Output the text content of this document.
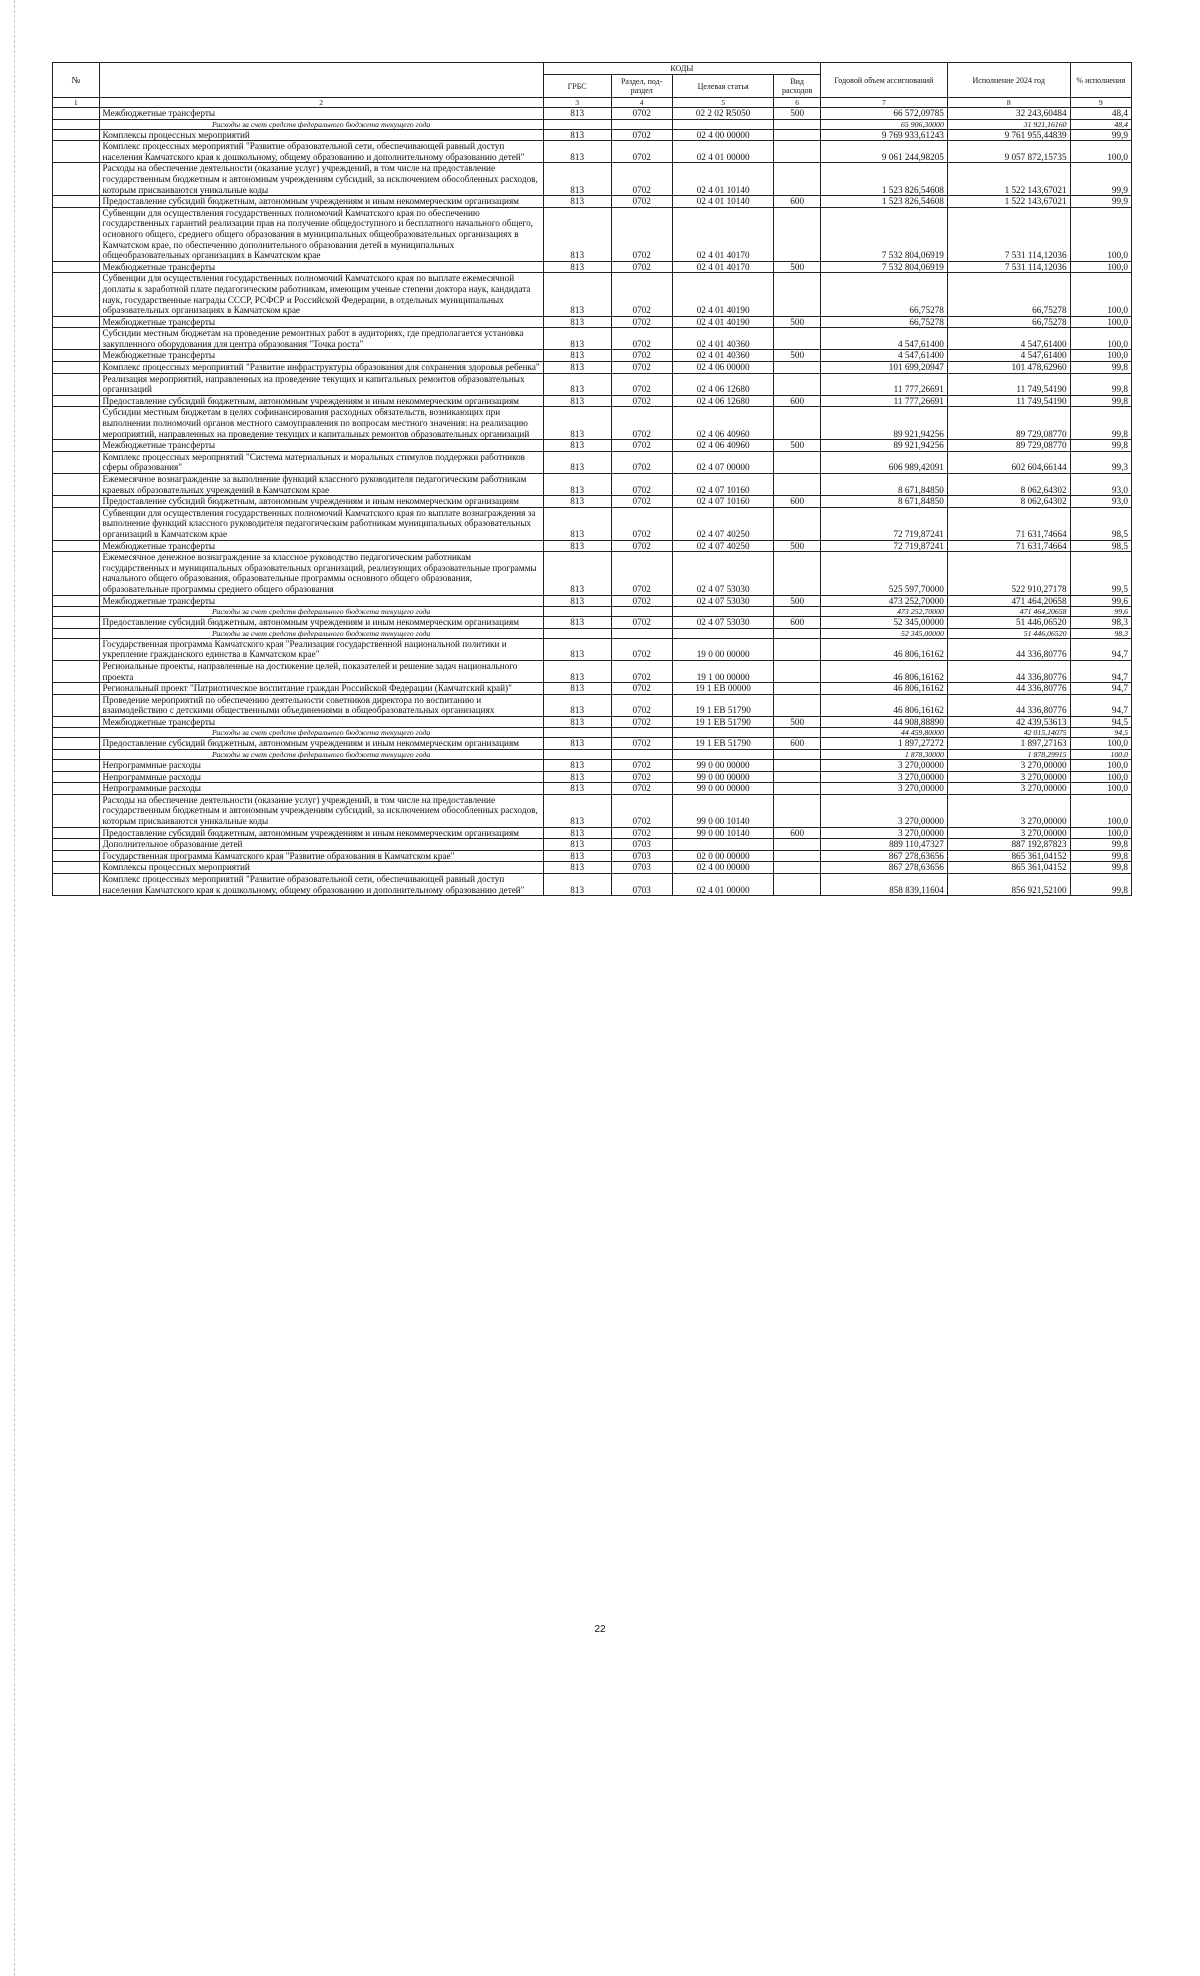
№		КОДЫ				Годовой объем ассигнований	Исполнение 2024 год	% исполнения
		ГРБС	Раздел, под-раздел	Целевая статья	Вид расходов			
1	2	3	4	5	6	7	8	9
	Межбюджетные трансферты	813	0702	02 2 02 R5050	500	66 572,09785	32 243,60484	48,4
	Расходы за счет средств федерального бюджета текущего года					65 906,30000	31 921,16160	48,4
	Комплексы процессных мероприятий	813	0702	02 4 00 00000		9 769 933,61243	9 761 955,44839	99,9
	Комплекс процессных мероприятий "Развитие образовательной сети, обеспечивающей равный доступ населения Камчатского края к дошкольному, общему образованию и дополнительному образованию детей"	813	0702	02 4 01 00000		9 061 244,98205	9 057 872,15735	100,0
	Расходы на обеспечение деятельности (оказание услуг) учреждений, в том числе на предоставление государственным бюджетным и автономным учреждениям субсидий, за исключением обособленных расходов, которым присваиваются уникальные коды	813	0702	02 4 01 10140		1 523 826,54608	1 522 143,67021	99,9
	Предоставление субсидий бюджетным, автономным учреждениям и иным некоммерческим организациям	813	0702	02 4 01 10140	600	1 523 826,54608	1 522 143,67021	99,9
	Субвенции для осуществления государственных полномочий Камчатского края по обеспечению государственных гарантий реализации прав на получение общедоступного и бесплатного начального общего, основного общего, среднего общего образования в муниципальных общеобразовательных организациях в Камчатском крае, по обеспечению дополнительного образования детей в муниципальных общеобразовательных организациях в Камчатском крае	813	0702	02 4 01 40170		7 532 804,06919	7 531 114,12036	100,0
	Межбюджетные трансферты	813	0702	02 4 01 40170	500	7 532 804,06919	7 531 114,12036	100,0
	Субвенции для осуществления государственных полномочий Камчатского края по выплате ежемесячной доплаты к заработной плате педагогическим работникам, имеющим ученые степени доктора наук, кандидата наук, государственные награды СССР, РСФСР и Российской Федерации, в отдельных муниципальных образовательных организациях в Камчатском крае	813	0702	02 4 01 40190		66,75278	66,75278	100,0
	Межбюджетные трансферты	813	0702	02 4 01 40190	500	66,75278	66,75278	100,0
	Субсидии местным бюджетам на проведение ремонтных работ в аудиториях, где предполагается установка закупленного оборудования для центра образования "Точка роста"	813	0702	02 4 01 40360		4 547,61400	4 547,61400	100,0
	Межбюджетные трансферты	813	0702	02 4 01 40360	500	4 547,61400	4 547,61400	100,0
	Комплекс процессных мероприятий "Развитие инфраструктуры образования для сохранения здоровья ребенка"	813	0702	02 4 06 00000		101 699,20947	101 478,62960	99,8
	Реализация мероприятий, направленных на проведение текущих и капитальных ремонтов образовательных организаций	813	0702	02 4 06 12680		11 777,26691	11 749,54190	99,8
	Предоставление субсидий бюджетным, автономным учреждениям и иным некоммерческим организациям	813	0702	02 4 06 12680	600	11 777,26691	11 749,54190	99,8
	Субсидии местным бюджетам в целях софинансирования расходных обязательств, возникающих при выполнении полномочий органов местного самоуправления по вопросам местного значения: на реализацию мероприятий, направленных на проведение текущих и капитальных ремонтов образовательных организаций	813	0702	02 4 06 40960		89 921,94256	89 729,08770	99,8
	Межбюджетные трансферты	813	0702	02 4 06 40960	500	89 921,94256	89 729,08770	99,8
	Комплекс процессных мероприятий "Система материальных и моральных стимулов поддержки работников сферы образования"	813	0702	02 4 07 00000		606 989,42091	602 604,66144	99,3
	Ежемесячное вознаграждение за выполнение функций классного руководителя педагогическим работникам краевых образовательных учреждений в Камчатском крае	813	0702	02 4 07 10160		8 671,84850	8 062,64302	93,0
	Предоставление субсидий бюджетным, автономным учреждениям и иным некоммерческим организациям	813	0702	02 4 07 10160	600	8 671,84850	8 062,64302	93,0
	Субвенции для осуществления государственных полномочий Камчатского края по выплате вознаграждения за выполнение функций классного руководителя педагогическим работникам муниципальных образовательных организаций в Камчатском крае	813	0702	02 4 07 40250		72 719,87241	71 631,74664	98,5
	Межбюджетные трансферты	813	0702	02 4 07 40250	500	72 719,87241	71 631,74664	98,5
	Ежемесячное денежное вознаграждение за классное руководство педагогическим работникам государственных и муниципальных образовательных организаций, реализующих образовательные программы начального общего образования, образовательные программы основного общего образования, образовательные программы среднего общего образования	813	0702	02 4 07 53030		525 597,70000	522 910,27178	99,5
	Межбюджетные трансферты	813	0702	02 4 07 53030	500	473 252,70000	471 464,20658	99,6
	Расходы за счет средств федерального бюджета текущего года					473 252,70000	471 464,20658	99,6
	Предоставление субсидий бюджетным, автономным учреждениям и иным некоммерческим организациям	813	0702	02 4 07 53030	600	52 345,00000	51 446,06520	98,3
	Расходы за счет средств федерального бюджета текущего года					52 345,00000	51 446,06520	98,3
	Государственная программа Камчатского края "Реализация государственной национальной политики и укрепление гражданского единства в Камчатском крае"	813	0702	19 0 00 00000		46 806,16162	44 336,80776	94,7
	Региональные проекты, направленные на достижение целей, показателей и решение задач национального проекта	813	0702	19 1 00 00000		46 806,16162	44 336,80776	94,7
	Региональный проект "Патриотическое воспитание граждан Российской Федерации (Камчатский край)"	813	0702	19 1 EB 00000		46 806,16162	44 336,80776	94,7
	Проведение мероприятий по обеспечению деятельности советников директора по воспитанию и взаимодействию с детскими общественными объединениями в общеобразовательных организациях	813	0702	19 1 EB 51790		46 806,16162	44 336,80776	94,7
	Межбюджетные трансферты	813	0702	19 1 EB 51790	500	44 908,88890	42 439,53613	94,5
	Расходы за счет средств федерального бюджета текущего года					44 459,80000	42 015,14075	94,5
	Предоставление субсидий бюджетным, автономным учреждениям и иным некоммерческим организациям	813	0702	19 1 EB 51790	600	1 897,27272	1 897,27163	100,0
	Расходы за счет средств федерального бюджета текущего года					1 878,30000	1 878,29915	100,0
	Непрограммные расходы	813	0702	99 0 00 00000		3 270,00000	3 270,00000	100,0
	Непрограммные расходы	813	0702	99 0 00 00000		3 270,00000	3 270,00000	100,0
	Непрограммные расходы	813	0702	99 0 00 00000		3 270,00000	3 270,00000	100,0
	Расходы на обеспечение деятельности (оказание услуг) учреждений, в том числе на предоставление государственным бюджетным и автономным учреждениям субсидий, за исключением обособленных расходов, которым присваиваются уникальные коды	813	0702	99 0 00 10140		3 270,00000	3 270,00000	100,0
	Предоставление субсидий бюджетным, автономным учреждениям и иным некоммерческим организациям	813	0702	99 0 00 10140	600	3 270,00000	3 270,00000	100,0
	Дополнительное образование детей	813	0703			889 110,47327	887 192,87823	99,8
	Государственная программа Камчатского края "Развитие образования в Камчатском крае"	813	0703	02 0 00 00000		867 278,63656	865 361,04152	99,8
	Комплексы процессных мероприятий	813	0703	02 4 00 00000		867 278,63656	865 361,04152	99,8
	Комплекс процессных мероприятий "Развитие образовательной сети, обеспечивающей равный доступ населения Камчатского края к дошкольному, общему образованию и дополнительному образованию детей"	813	0703	02 4 01 00000		858 839,11604	856 921,52100	99,8
22
